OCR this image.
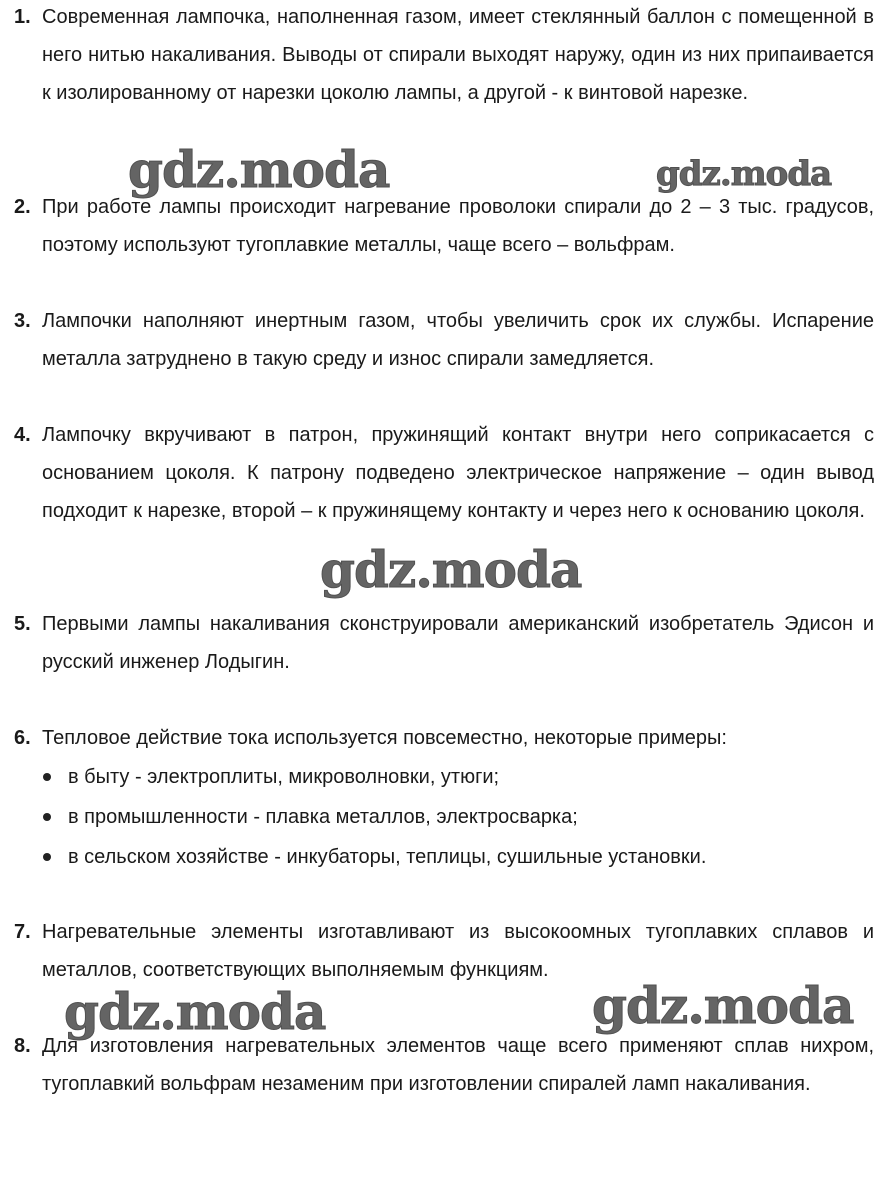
1. Современная лампочка, наполненная газом, имеет стеклянный баллон с помещенной в него нитью накаливания. Выводы от спирали выходят наружу, один из них припаивается к изолированному от нарезки цоколю лампы, а другой - к винтовой нарезке.
gdz.moda	gdz.moda
2. При работе лампы происходит нагревание проволоки спирали до 2 – 3 тыс. градусов, поэтому используют тугоплавкие металлы, чаще всего – вольфрам.
3. Лампочки наполняют инертным газом, чтобы увеличить срок их службы. Испарение металла затруднено в такую среду и износ спирали замедляется.
4. Лампочку вкручивают в патрон, пружинящий контакт внутри него соприкасается с основанием цоколя. К патрону подведено электрическое напряжение – один вывод подходит к нарезке, второй – к пружинящему контакту и через него к основанию цоколя.
gdz.moda
5. Первыми лампы накаливания сконструировали американский изобретатель Эдисон и русский инженер Лодыгин.
6. Тепловое действие тока используется повсеместно, некоторые примеры:
в быту - электроплиты, микроволновки, утюги;
в промышленности - плавка металлов, электросварка;
в сельском хозяйстве - инкубаторы, теплицы, сушильные установки.
7. Нагревательные элементы изготавливают из высокоомных тугоплавких сплавов и металлов, соответствующих выполняемым функциям.
gdz.moda	gdz.moda
8. Для изготовления нагревательных элементов чаще всего применяют сплав нихром, тугоплавкий вольфрам незаменим при изготовлении спиралей ламп накаливания.
